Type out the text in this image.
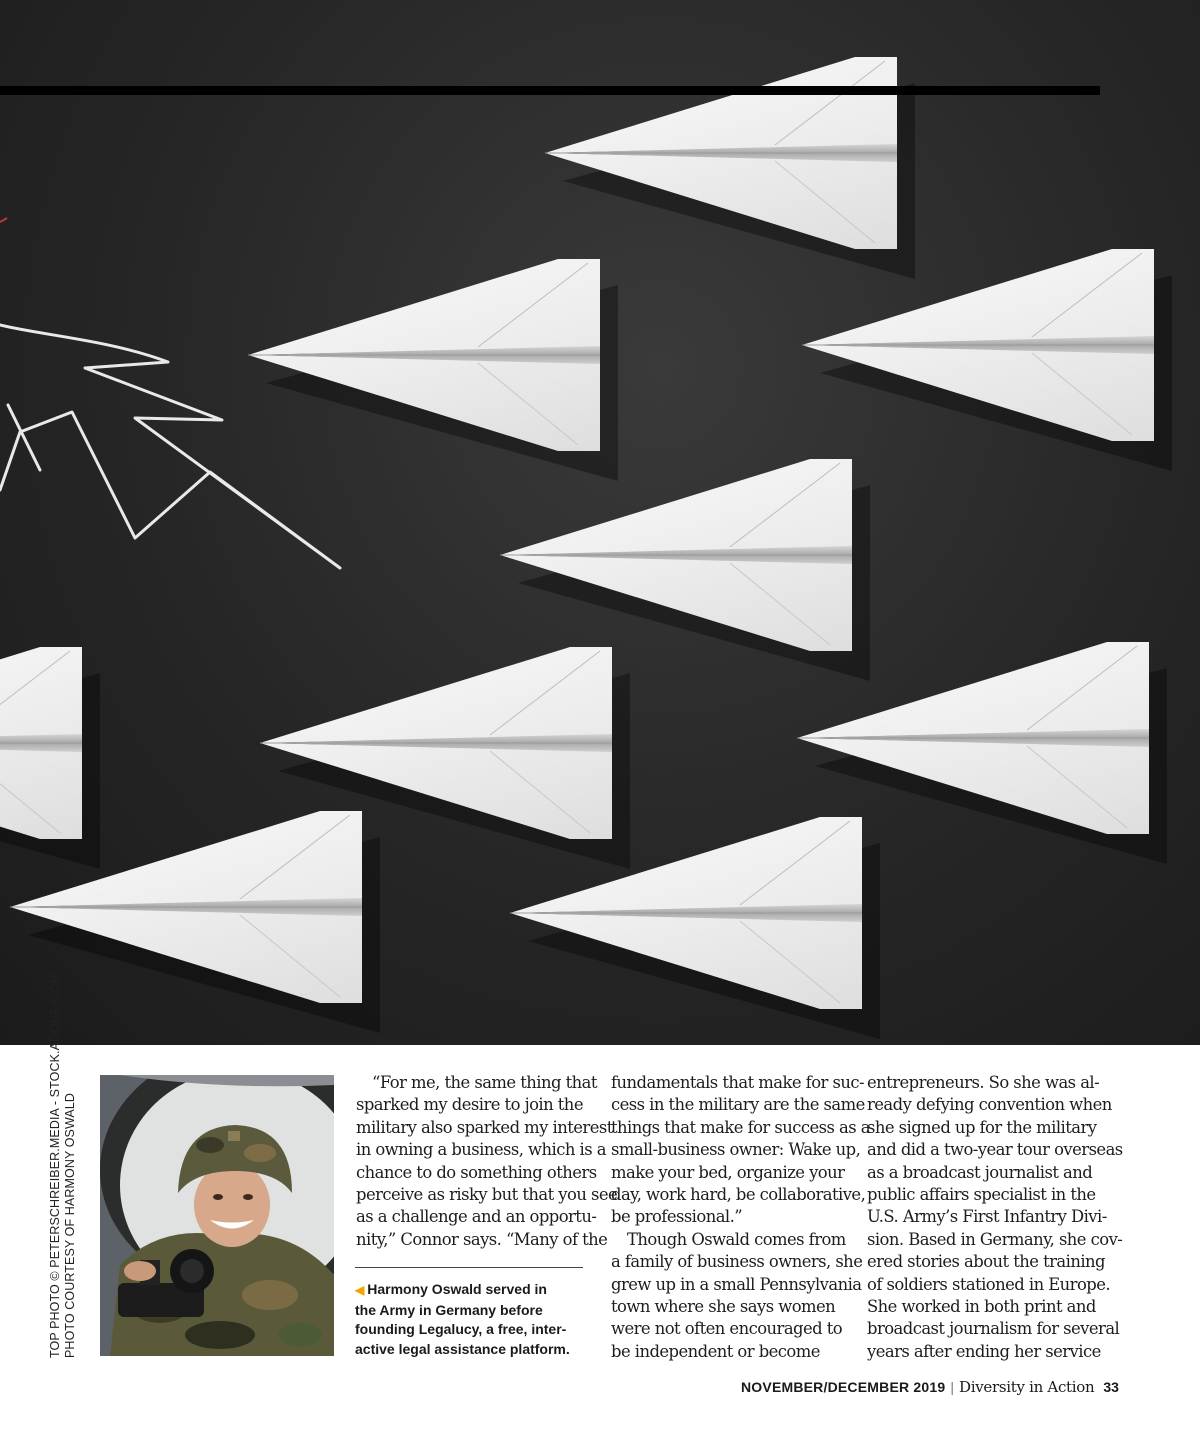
TOP PHOTO © PETERSCHREIBER.MEDIA - STOCK.ADOBE.COM PHOTO COURTESY OF HARMONY OSWALD	◀ Harmony Oswald served in
the Army in Germany before
founding Legalucy, a free, inter-
active legal assistance platform.
“For me, the same thing that
sparked my desire to join the
military also sparked my interest
in owning a business, which is a
chance to do something others
perceive as risky but that you see
as a challenge and an opportu-
nity,” Connor says. “Many of the
fundamentals that make for suc-
cess in the military are the same
things that make for success as a
small-business owner: Wake up,
make your bed, organize your
day, work hard, be collaborative,
be professional.”
Though Oswald comes from
a family of business owners, she
grew up in a small Pennsylvania
town where she says women
were not often encouraged to
be independent or become
entrepreneurs. So she was al-
ready defying convention when
she signed up for the military
and did a two-year tour overseas
as a broadcast journalist and
public affairs specialist in the
U.S. Army’s First Infantry Divi-
sion. Based in Germany, she cov-
ered stories about the training
of soldiers stationed in Europe.
She worked in both print and
broadcast journalism for several
years after ending her service
NOVEMBER/DECEMBER 2019 | Diversity in Action 33
